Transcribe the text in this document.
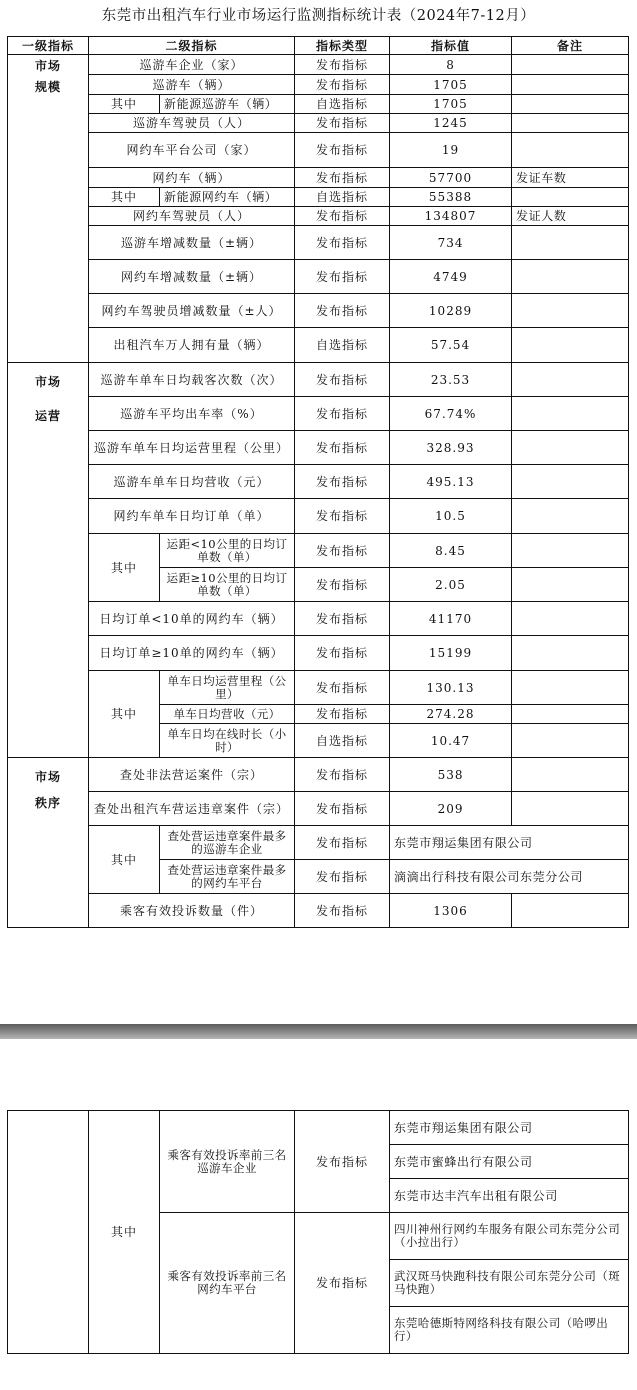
东莞市出租汽车行业市场运行监测指标统计表（2024年7-12月）
一级指标	二级指标		指标类型	指标值	备注

市场
规模	巡游车企业（家）		发布指标	8	
	巡游车（辆）		发布指标	1705	
	其中	新能源巡游车（辆）	自选指标	1705	
	巡游车驾驶员（人）		发布指标	1245	
	网约车平台公司（家）		发布指标	19	
	网约车（辆）		发布指标	57700	发证车数
	其中	新能源网约车（辆）	自选指标	55388	
	网约车驾驶员（人）		发布指标	134807	发证人数
	巡游车增减数量（±辆）		发布指标	734	
	网约车增减数量（±辆）		发布指标	4749	
	网约车驾驶员增减数量（±人）		发布指标	10289	
	出租汽车万人拥有量（辆）		自选指标	57.54	

市场
运营	巡游车单车日均载客次数（次）		发布指标	23.53	
	巡游车平均出车率（%）		发布指标	67.74%	
	巡游车单车日均运营里程（公里）		发布指标	328.93	
	巡游车单车日均营收（元）		发布指标	495.13	
	网约车单车日均订单（单）		发布指标	10.5	
	其中	运距<10公里的日均订单数（单）	发布指标	8.45	
		运距≥10公里的日均订单数（单）	发布指标	2.05	
	日均订单<10单的网约车（辆）		发布指标	41170	
	日均订单≥10单的网约车（辆）		发布指标	15199	
	其中	单车日均运营里程（公里）	发布指标	130.13	
		单车日均营收（元）	发布指标	274.28	
		单车日均在线时长（小时）	自选指标	10.47	

市场
秩序	查处非法营运案件（宗）		发布指标	538	
	查处出租汽车营运违章案件（宗）		发布指标	209	
	其中	查处营运违章案件最多的巡游车企业	发布指标	东莞市翔运集团有限公司	
		查处营运违章案件最多的网约车平台	发布指标	滴滴出行科技有限公司东莞分公司	
	乘客有效投诉数量（件）		发布指标	1306	
	其中	乘客有效投诉率前三名巡游车企业	发布指标	东莞市翔运集团有限公司
				东莞市蜜蜂出行有限公司
				东莞市达丰汽车出租有限公司
		乘客有效投诉率前三名网约车平台	发布指标	四川神州行网约车服务有限公司东莞分公司（小拉出行）
				武汉斑马快跑科技有限公司东莞分公司（斑马快跑）
				东莞哈德斯特网络科技有限公司（哈啰出行）
